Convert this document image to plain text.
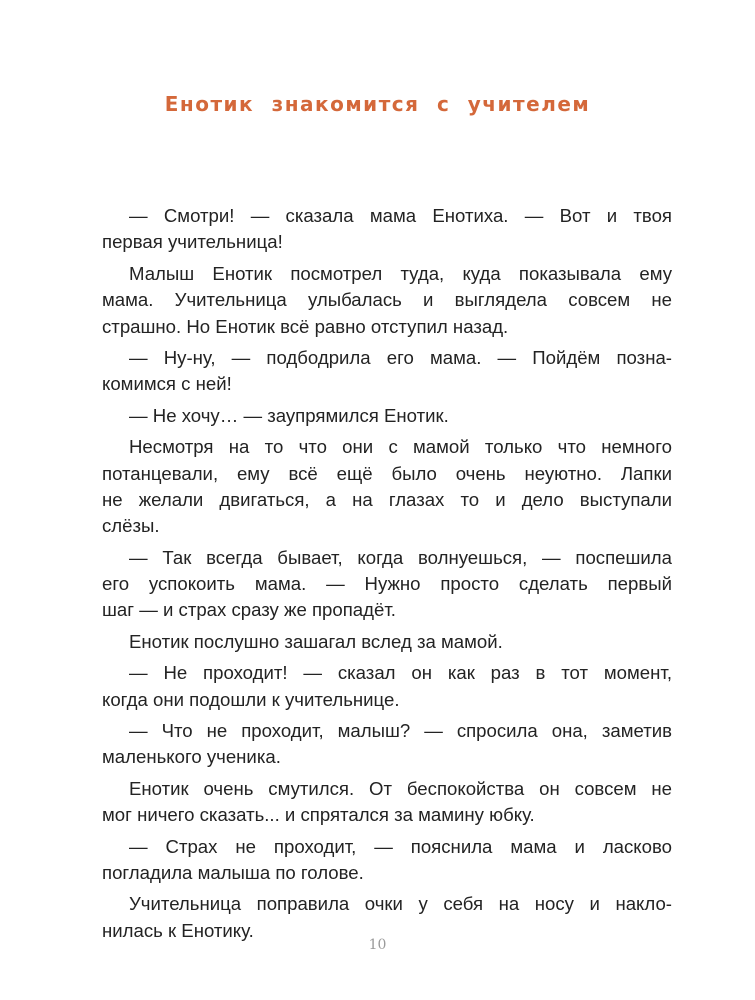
Енотик знакомится с учителем
— Смотри! — сказала мама Енотиха. — Вот и твоя
первая учительница!
Малыш Енотик посмотрел туда, куда показывала ему
мама. Учительница улыбалась и выглядела совсем не
страшно. Но Енотик всё равно отступил назад.
— Ну-ну, — подбодрила его мама. — Пойдём позна-
комимся с ней!
— Не хочу… — заупрямился Енотик.
Несмотря на то что они с мамой только что немного
потанцевали, ему всё ещё было очень неуютно. Лапки
не желали двигаться, а на глазах то и дело выступали
слёзы.
— Так всегда бывает, когда волнуешься, — поспешила
его успокоить мама. — Нужно просто сделать первый
шаг — и страх сразу же пропадёт.
Енотик послушно зашагал вслед за мамой.
— Не проходит! — сказал он как раз в тот момент,
когда они подошли к учительнице.
— Что не проходит, малыш? — спросила она, заметив
маленького ученика.
Енотик очень смутился. От беспокойства он совсем не
мог ничего сказать... и спрятался за мамину юбку.
— Страх не проходит, — пояснила мама и ласково
погладила малыша по голове.
Учительница поправила очки у себя на носу и накло-
нилась к Енотику.
10
